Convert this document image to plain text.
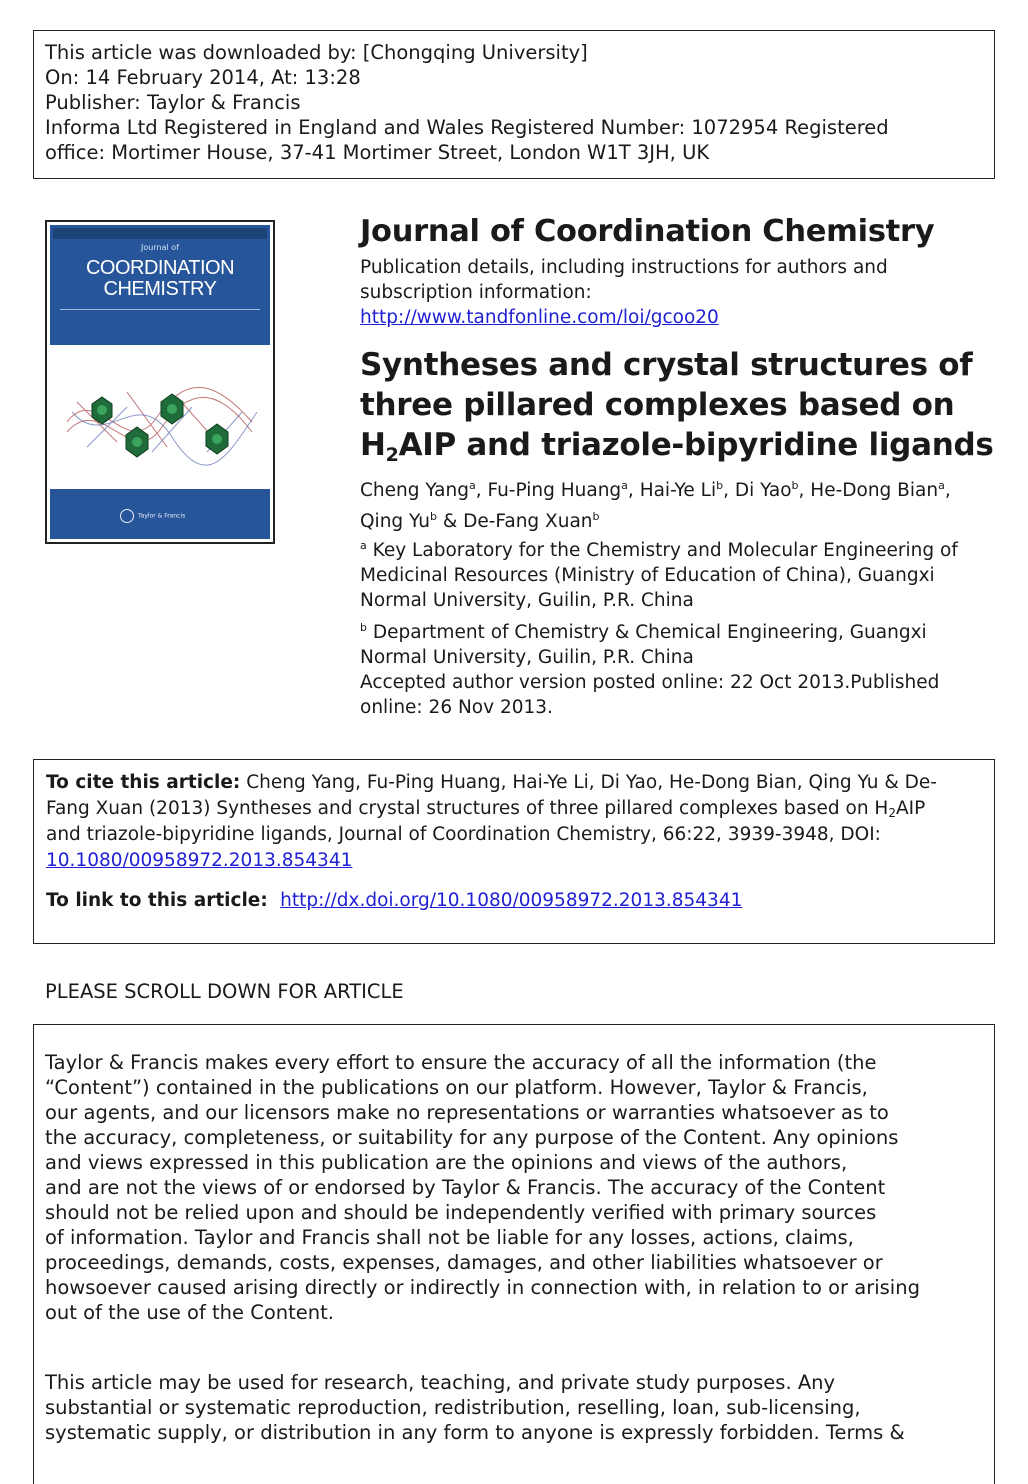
This article was downloaded by: [Chongqing University]
On: 14 February 2014, At: 13:28
Publisher: Taylor & Francis
Informa Ltd Registered in England and Wales Registered Number: 1072954 Registered
office: Mortimer House, 37-41 Mortimer Street, London W1T 3JH, UK
Journal of
COORDINATION
CHEMISTRY
Taylor & Francis
Journal of Coordination Chemistry
Publication details, including instructions for authors and
subscription information:
http://www.tandfonline.com/loi/gcoo20
Syntheses and crystal structures of
three pillared complexes based on
$H_2AIP$ and triazole-bipyridine ligands
Cheng Yang$^a$, Fu-Ping Huang$^a$, Hai-Ye Li$^b$, Di Yao$^b$, He-Dong Bian$^a$,
Qing Yu$^b$ & De-Fang Xuan$^b$
$^a$ Key Laboratory for the Chemistry and Molecular Engineering of
Medicinal Resources (Ministry of Education of China), Guangxi
Normal University, Guilin, P.R. China
$^b$ Department of Chemistry & Chemical Engineering, Guangxi
Normal University, Guilin, P.R. China
Accepted author version posted online: 22 Oct 2013.Published
online: 26 Nov 2013.

To cite this article: Cheng Yang, Fu-Ping Huang, Hai-Ye Li, Di Yao, He-Dong Bian, Qing Yu & De-
Fang Xuan (2013) Syntheses and crystal structures of three pillared complexes based on $H_2AIP$
and triazole-bipyridine ligands, Journal of Coordination Chemistry, 66:22, 3939-3948, DOI:
10.1080/00958972.2013.854341

To link to this article:  http://dx.doi.org/10.1080/00958972.2013.854341

PLEASE SCROLL DOWN FOR ARTICLE

Taylor & Francis makes every effort to ensure the accuracy of all the information (the
“Content”) contained in the publications on our platform. However, Taylor & Francis,
our agents, and our licensors make no representations or warranties whatsoever as to
the accuracy, completeness, or suitability for any purpose of the Content. Any opinions
and views expressed in this publication are the opinions and views of the authors,
and are not the views of or endorsed by Taylor & Francis. The accuracy of the Content
should not be relied upon and should be independently verified with primary sources
of information. Taylor and Francis shall not be liable for any losses, actions, claims,
proceedings, demands, costs, expenses, damages, and other liabilities whatsoever or
howsoever caused arising directly or indirectly in connection with, in relation to or arising
out of the use of the Content.

This article may be used for research, teaching, and private study purposes. Any
substantial or systematic reproduction, redistribution, reselling, loan, sub-licensing,
systematic supply, or distribution in any form to anyone is expressly forbidden. Terms &
